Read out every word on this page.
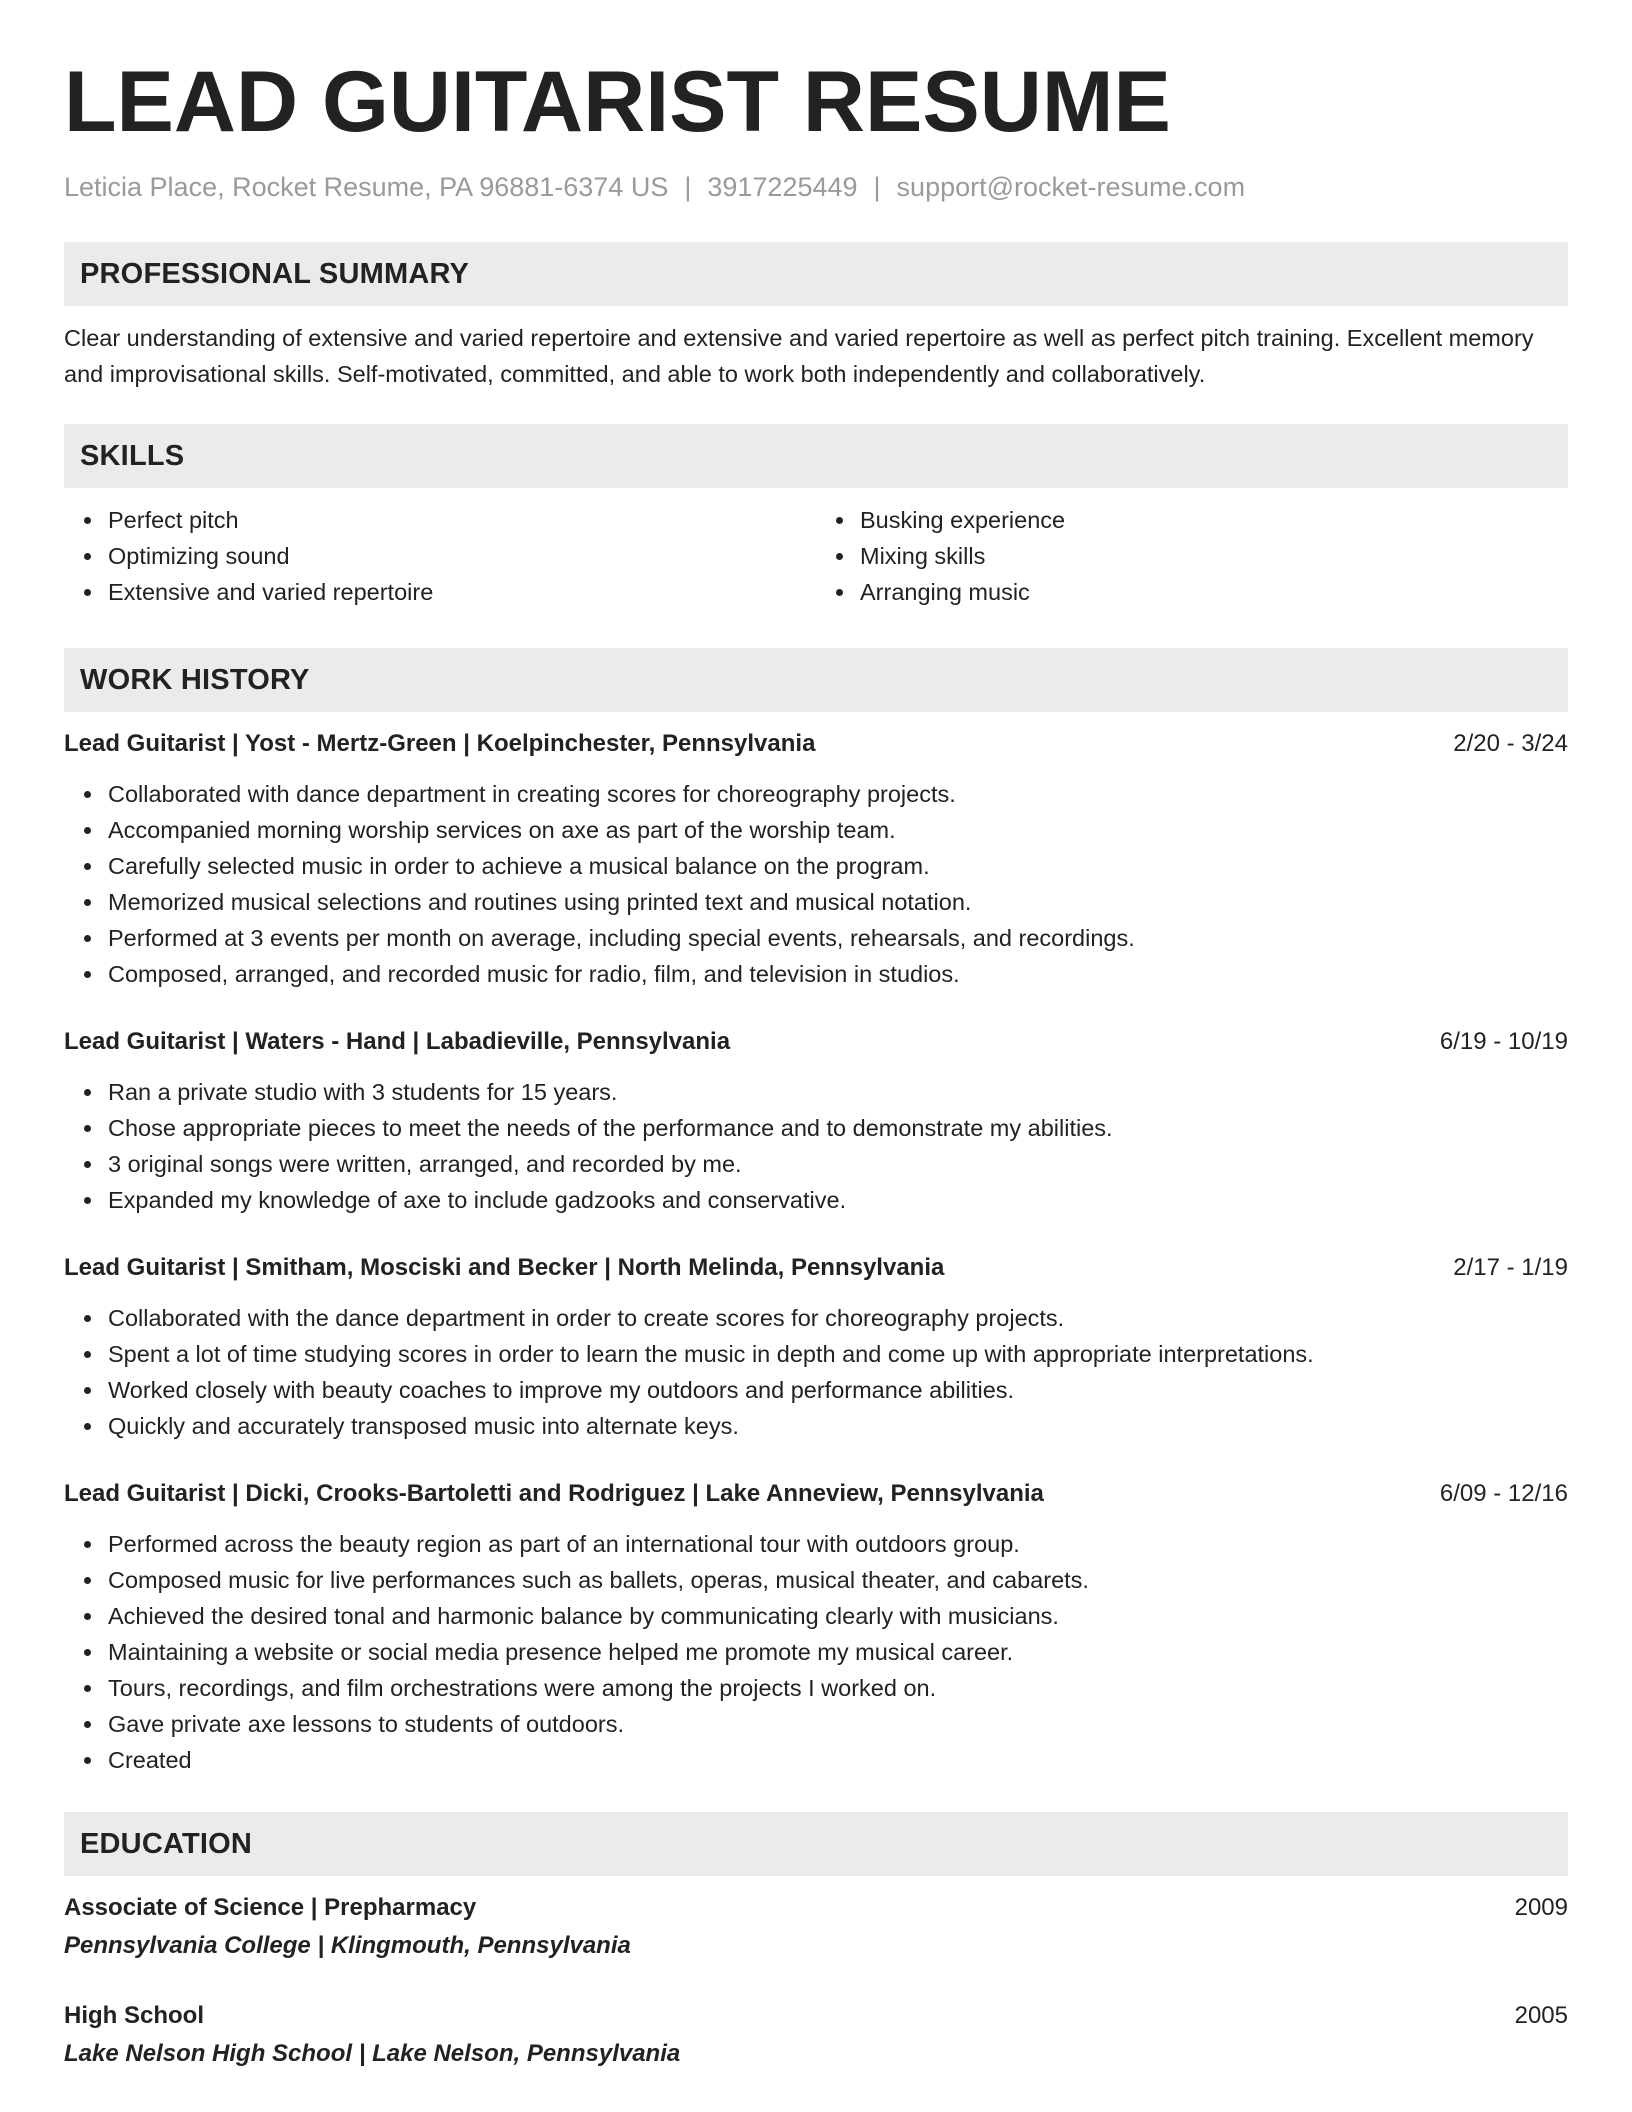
LEAD GUITARIST RESUME
Leticia Place, Rocket Resume, PA 96881-6374 US | 3917225449 | support@rocket-resume.com
PROFESSIONAL SUMMARY
Clear understanding of extensive and varied repertoire and extensive and varied repertoire as well as perfect pitch training. Excellent memory and improvisational skills. Self-motivated, committed, and able to work both independently and collaboratively.
SKILLS
Perfect pitch
Optimizing sound
Extensive and varied repertoire
Busking experience
Mixing skills
Arranging music
WORK HISTORY
Lead Guitarist | Yost - Mertz-Green | Koelpinchester, Pennsylvania	2/20 - 3/24
Collaborated with dance department in creating scores for choreography projects.
Accompanied morning worship services on axe as part of the worship team.
Carefully selected music in order to achieve a musical balance on the program.
Memorized musical selections and routines using printed text and musical notation.
Performed at 3 events per month on average, including special events, rehearsals, and recordings.
Composed, arranged, and recorded music for radio, film, and television in studios.
Lead Guitarist | Waters - Hand | Labadieville, Pennsylvania	6/19 - 10/19
Ran a private studio with 3 students for 15 years.
Chose appropriate pieces to meet the needs of the performance and to demonstrate my abilities.
3 original songs were written, arranged, and recorded by me.
Expanded my knowledge of axe to include gadzooks and conservative.
Lead Guitarist | Smitham, Mosciski and Becker | North Melinda, Pennsylvania	2/17 - 1/19
Collaborated with the dance department in order to create scores for choreography projects.
Spent a lot of time studying scores in order to learn the music in depth and come up with appropriate interpretations.
Worked closely with beauty coaches to improve my outdoors and performance abilities.
Quickly and accurately transposed music into alternate keys.
Lead Guitarist | Dicki, Crooks-Bartoletti and Rodriguez | Lake Anneview, Pennsylvania	6/09 - 12/16
Performed across the beauty region as part of an international tour with outdoors group.
Composed music for live performances such as ballets, operas, musical theater, and cabarets.
Achieved the desired tonal and harmonic balance by communicating clearly with musicians.
Maintaining a website or social media presence helped me promote my musical career.
Tours, recordings, and film orchestrations were among the projects I worked on.
Gave private axe lessons to students of outdoors.
Created
EDUCATION
Associate of Science | Prepharmacy	2009
Pennsylvania College | Klingmouth, Pennsylvania
High School	2005
Lake Nelson High School | Lake Nelson, Pennsylvania
